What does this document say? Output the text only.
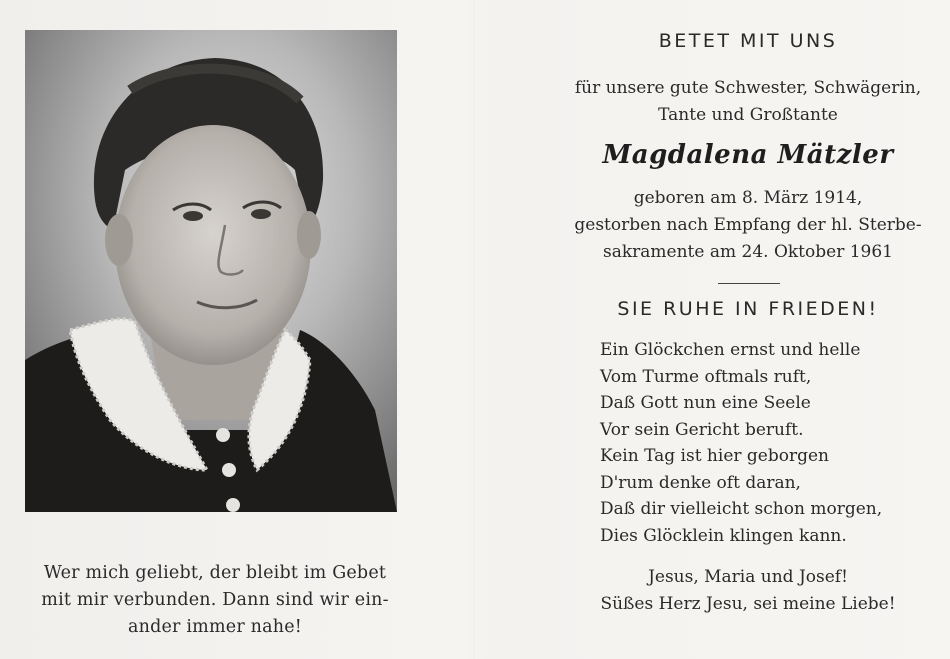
Wer mich geliebt, der bleibt im Gebet
mit mir verbunden. Dann sind wir ein-
ander immer nahe!
BETET MIT UNS
für unsere gute Schwester, Schwägerin,
Tante und Großtante
Magdalena Mätzler
geboren am 8. März 1914,
gestorben nach Empfang der hl. Sterbe-
sakramente am 24. Oktober 1961
SIE RUHE IN FRIEDEN!
Ein Glöckchen ernst und helle
Vom Turme oftmals ruft,
Daß Gott nun eine Seele
Vor sein Gericht beruft.
Kein Tag ist hier geborgen
D'rum denke oft daran,
Daß dir vielleicht schon morgen,
Dies Glöcklein klingen kann.
Jesus, Maria und Josef!
Süßes Herz Jesu, sei meine Liebe!
